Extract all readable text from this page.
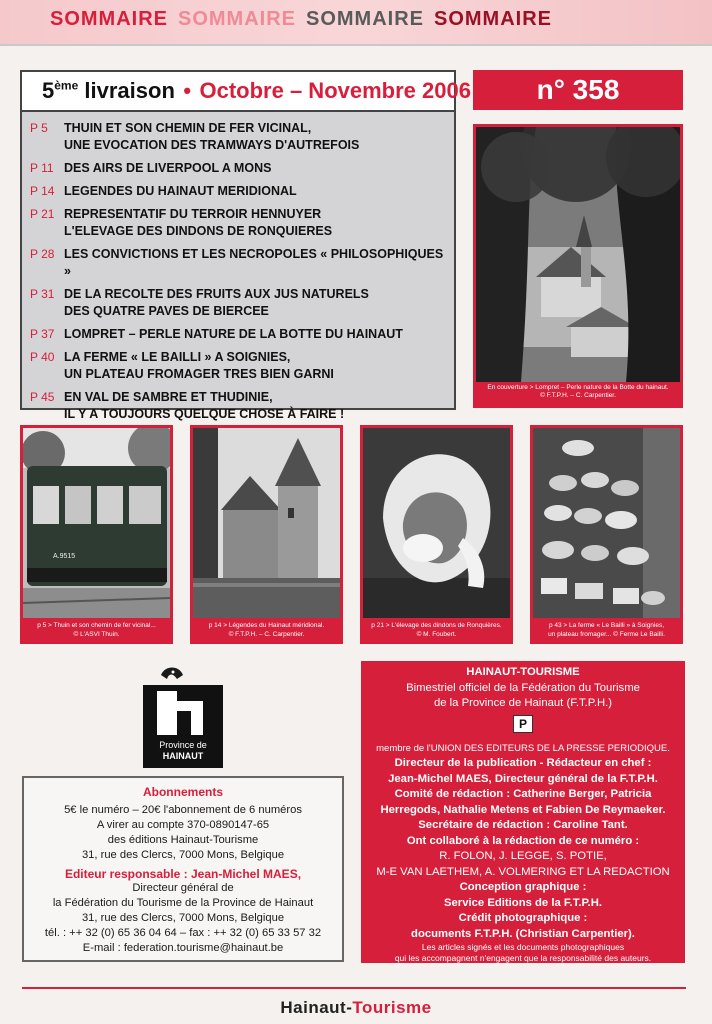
SOMMAIRE SOMMAIRE SOMMAIRE SOMMAIRE
5ème livraison • Octobre – Novembre 2006
P 5	THUIN ET SON CHEMIN DE FER VICINAL,
UNE EVOCATION DES TRAMWAYS D'AUTREFOIS
P 11 DES AIRS DE LIVERPOOL A MONS
P 14 LEGENDES DU HAINAUT MERIDIONAL
P 21 REPRESENTATIF DU TERROIR HENNUYER
L'ELEVAGE DES DINDONS DE RONQUIERES
P 28 LES CONVICTIONS ET LES NECROPOLES « PHILOSOPHIQUES »
P 31 DE LA RECOLTE DES FRUITS AUX JUS NATURELS
DES QUATRE PAVES DE BIERCEE
P 37 LOMPRET – PERLE NATURE DE LA BOTTE DU HAINAUT
P 40 LA FERME « LE BAILLI » A SOIGNIES,
UN PLATEAU FROMAGER TRES BIEN GARNI
P 45 EN VAL DE SAMBRE ET THUDINIE,
IL Y A TOUJOURS QUELQUE CHOSE À FAIRE !
n° 358
En couverture > Lompret – Perle nature de la Botte du hainaut.
© F.T.P.H. – C. Carpentier.
A.9515
p 5 > Thuin et son chemin de fer vicinal...
© L'ASVI Thuin.
p 14 > Légendes du Hainaut méridional.
© F.T.P.H. – C. Carpentier.
p 21 > L'élevage des dindons de Ronquières.
© M. Foubert.
p 43 > La ferme « Le Bailli » à Soignies,
un plateau fromager... © Ferme Le Bailli.
Province de
HAINAUT
Abonnements
5€ le numéro – 20€ l'abonnement de 6 numéros
A virer au compte 370-0890147-65
des éditions Hainaut-Tourisme
31, rue des Clercs, 7000 Mons, Belgique
Editeur responsable : Jean-Michel MAES,
Directeur général de
la Fédération du Tourisme de la Province de Hainaut
31, rue des Clercs, 7000 Mons, Belgique
tél. : ++ 32 (0) 65 36 04 64 – fax : ++ 32 (0) 65 33 57 32
E-mail : federation.tourisme@hainaut.be
HAINAUT-TOURISME
Bimestriel officiel de la Fédération du Tourisme
de la Province de Hainaut (F.T.P.H.)
P
membre de l'UNION DES EDITEURS DE LA PRESSE PERIODIQUE.
Directeur de la publication - Rédacteur en chef :
Jean-Michel MAES, Directeur général de la F.T.P.H.
Comité de rédaction : Catherine Berger, Patricia
Herregods, Nathalie Metens et Fabien De Reymaeker.
Secrétaire de rédaction : Caroline Tant.
Ont collaboré à la rédaction de ce numéro :
R. FOLON, J. LEGGE, S. POTIE,
M-E VAN LAETHEM, A. VOLMERING ET LA REDACTION
Conception graphique :
Service Editions de la F.T.P.H.
Crédit photographique :
documents F.T.P.H. (Christian Carpentier).
Les articles signés et les documents photographiques
qui les accompagnent n'engagent que la responsabilité des auteurs.
Hainaut-Tourisme
